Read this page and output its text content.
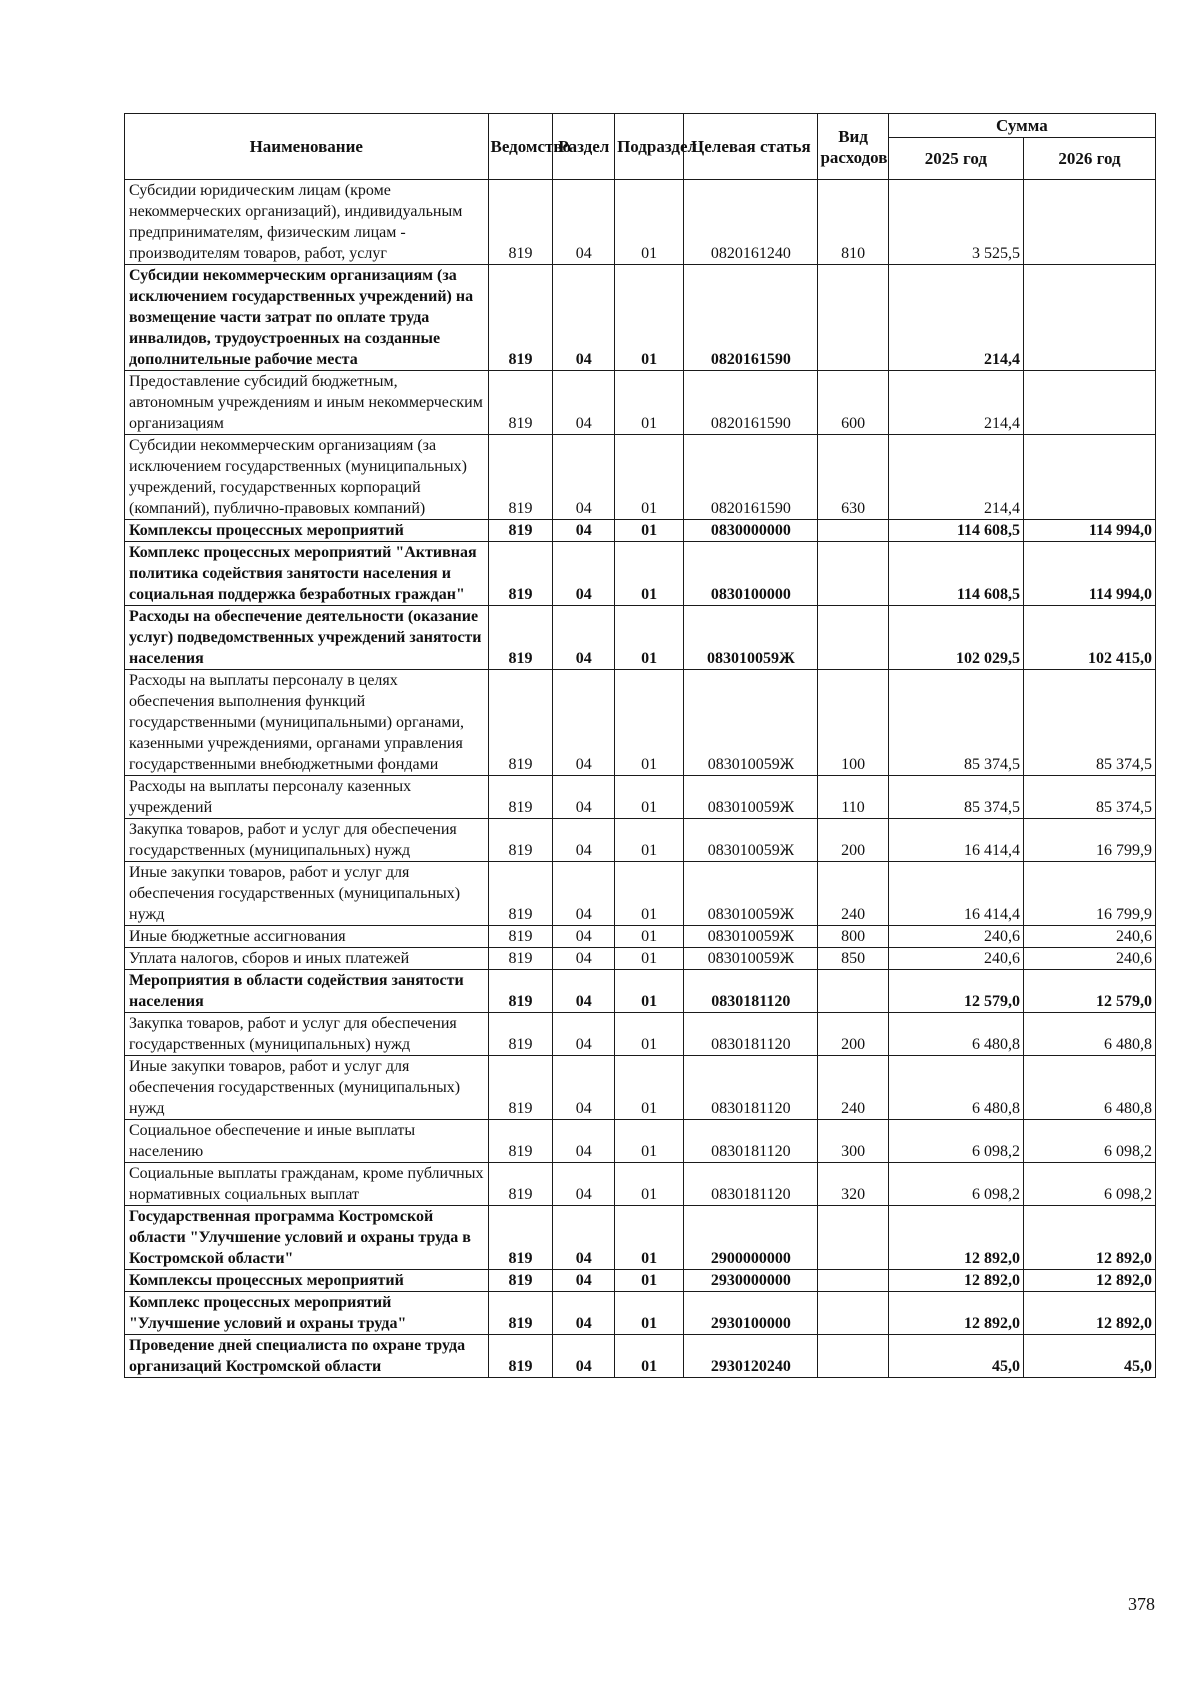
Наименование	Ведомство	Раздел	Подраздел	Целевая статья	Вид расходов	Сумма	
						2025 год	2026 год
Субсидии юридическим лицам (кроме некоммерческих организаций), индивидуальным предпринимателям, физическим лицам - производителям товаров, работ, услуг	819	04	01	0820161240	810	3 525,5	
Субсидии некоммерческим организациям (за исключением государственных учреждений) на возмещение части затрат по оплате труда инвалидов, трудоустроенных на созданные дополнительные рабочие места	819	04	01	0820161590		214,4	
Предоставление субсидий бюджетным, автономным учреждениям и иным некоммерческим организациям	819	04	01	0820161590	600	214,4	
Субсидии некоммерческим организациям (за исключением государственных (муниципальных) учреждений, государственных корпораций (компаний), публично-правовых компаний)	819	04	01	0820161590	630	214,4	
Комплексы процессных мероприятий	819	04	01	0830000000		114 608,5	114 994,0
Комплекс процессных мероприятий "Активная политика содействия занятости населения и социальная поддержка безработных граждан"	819	04	01	0830100000		114 608,5	114 994,0
Расходы на обеспечение деятельности (оказание услуг) подведомственных учреждений занятости населения	819	04	01	083010059Ж		102 029,5	102 415,0
Расходы на выплаты персоналу в целях обеспечения выполнения функций государственными (муниципальными) органами, казенными учреждениями, органами управления государственными внебюджетными фондами	819	04	01	083010059Ж	100	85 374,5	85 374,5
Расходы на выплаты персоналу казенных учреждений	819	04	01	083010059Ж	110	85 374,5	85 374,5
Закупка товаров, работ и услуг для обеспечения государственных (муниципальных) нужд	819	04	01	083010059Ж	200	16 414,4	16 799,9
Иные закупки товаров, работ и услуг для обеспечения государственных (муниципальных) нужд	819	04	01	083010059Ж	240	16 414,4	16 799,9
Иные бюджетные ассигнования	819	04	01	083010059Ж	800	240,6	240,6
Уплата налогов, сборов и иных платежей	819	04	01	083010059Ж	850	240,6	240,6
Мероприятия в области содействия занятости населения	819	04	01	0830181120		12 579,0	12 579,0
Закупка товаров, работ и услуг для обеспечения государственных (муниципальных) нужд	819	04	01	0830181120	200	6 480,8	6 480,8
Иные закупки товаров, работ и услуг для обеспечения государственных (муниципальных) нужд	819	04	01	0830181120	240	6 480,8	6 480,8
Социальное обеспечение и иные выплаты населению	819	04	01	0830181120	300	6 098,2	6 098,2
Социальные выплаты гражданам, кроме публичных нормативных социальных выплат	819	04	01	0830181120	320	6 098,2	6 098,2
Государственная программа Костромской области "Улучшение условий и охраны труда в Костромской области"	819	04	01	2900000000		12 892,0	12 892,0
Комплексы процессных мероприятий	819	04	01	2930000000		12 892,0	12 892,0
Комплекс процессных мероприятий "Улучшение условий и охраны труда"	819	04	01	2930100000		12 892,0	12 892,0
Проведение дней специалиста по охране труда организаций Костромской области	819	04	01	2930120240		45,0	45,0
378
